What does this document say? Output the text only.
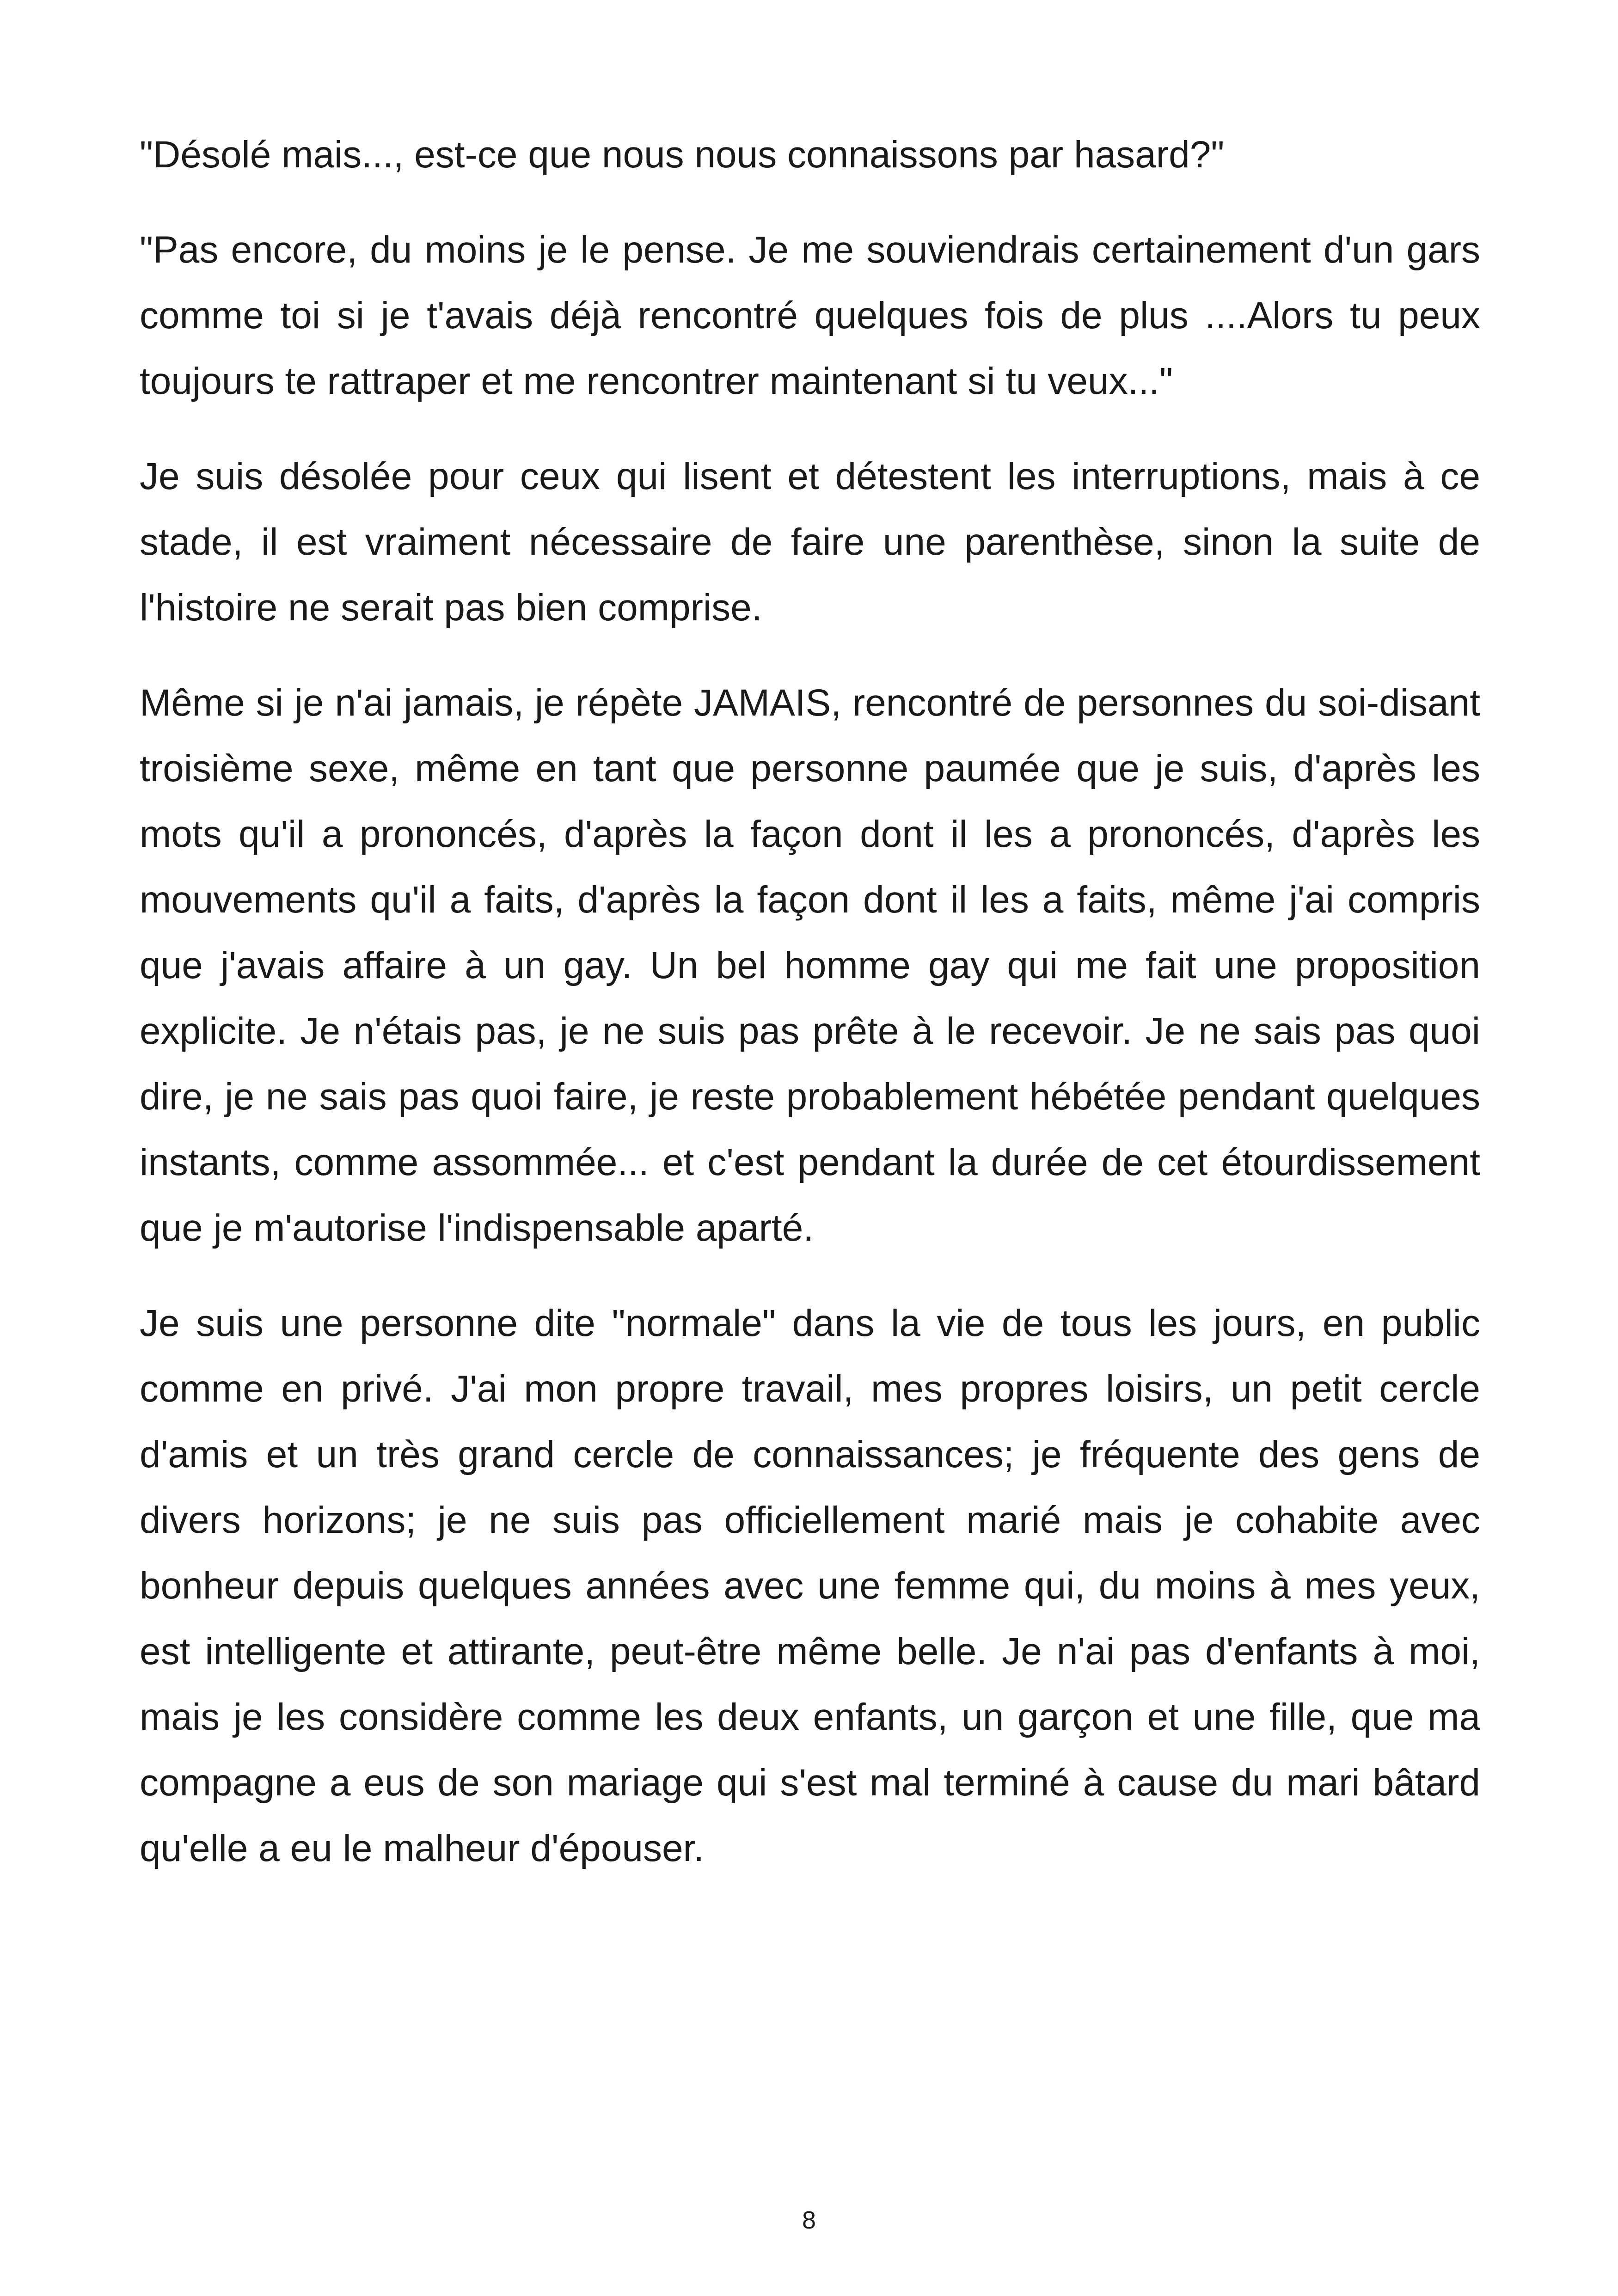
"Désolé mais..., est-ce que nous nous connaissons par hasard?"

"Pas encore, du moins je le pense. Je me souviendrais certainement d'un gars comme toi si je t'avais déjà rencontré quelques fois de plus ....Alors tu peux toujours te rattraper et me rencontrer maintenant si tu veux..."

Je suis désolée pour ceux qui lisent et détestent les interruptions, mais à ce stade, il est vraiment nécessaire de faire une parenthèse, sinon la suite de l'histoire ne serait pas bien comprise.

Même si je n'ai jamais, je répète JAMAIS, rencontré de personnes du soi-disant troisième sexe, même en tant que personne paumée que je suis, d'après les mots qu'il a prononcés, d'après la façon dont il les a prononcés, d'après les mouvements qu'il a faits, d'après la façon dont il les a faits, même j'ai compris que j'avais affaire à un gay. Un bel homme gay qui me fait une proposition explicite. Je n'étais pas, je ne suis pas prête à le recevoir. Je ne sais pas quoi dire, je ne sais pas quoi faire, je reste probablement hébétée pendant quelques instants, comme assommée... et c'est pendant la durée de cet étourdissement que je m'autorise l'indispensable aparté.

Je suis une personne dite "normale" dans la vie de tous les jours, en public comme en privé. J'ai mon propre travail, mes propres loisirs, un petit cercle d'amis et un très grand cercle de connaissances; je fréquente des gens de divers horizons; je ne suis pas officiellement marié mais je cohabite avec bonheur depuis quelques années avec une femme qui, du moins à mes yeux, est intelligente et attirante, peut-être même belle. Je n'ai pas d'enfants à moi, mais je les considère comme les deux enfants, un garçon et une fille, que ma compagne a eus de son mariage qui s'est mal terminé à cause du mari bâtard qu'elle a eu le malheur d'épouser.

8
